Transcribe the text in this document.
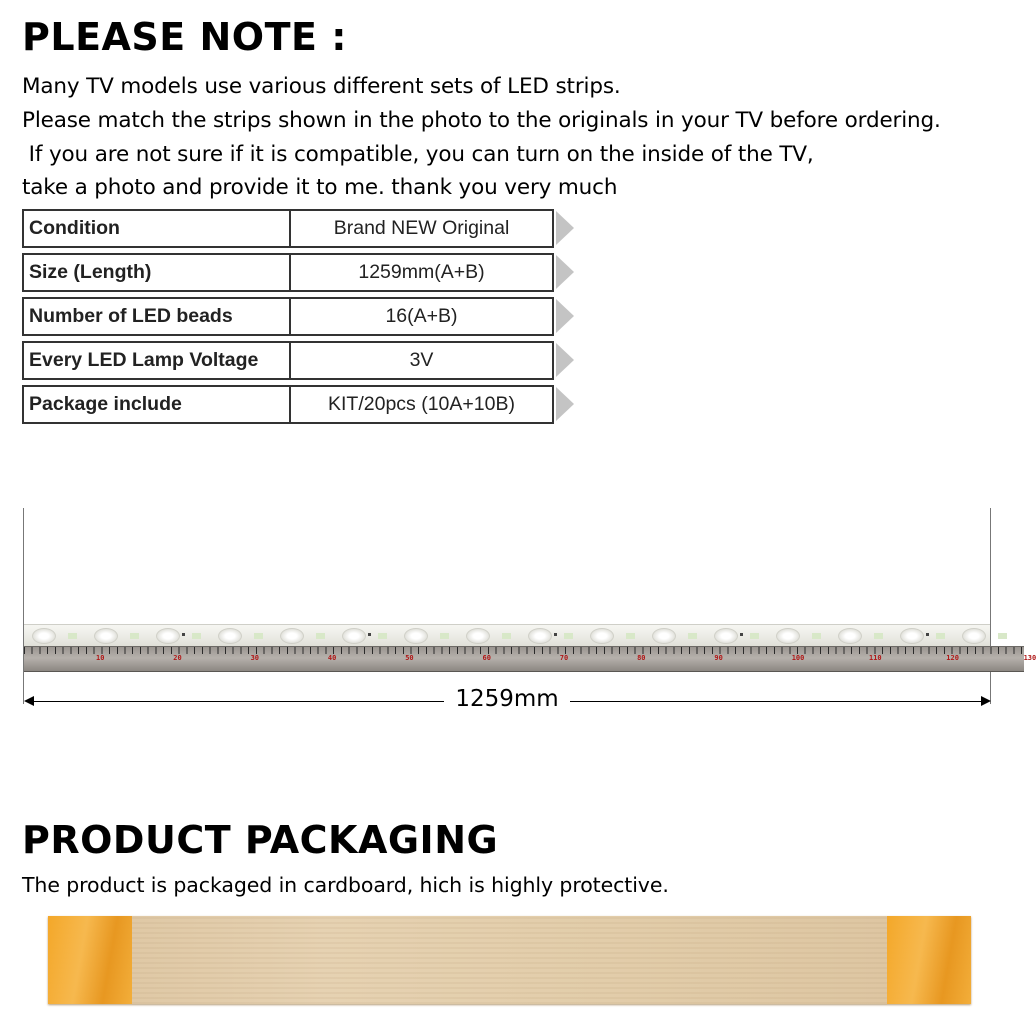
PLEASE NOTE :
Many TV models use various different sets of LED strips.
Please match the strips shown in the photo to the originals in your TV before ordering.
If you are not sure if it is compatible, you can turn on the inside of the TV,
take a photo and provide it to me. thank you very much
Condition	Brand NEW Original
Size (Length)	1259mm(A+B)
Number of LED beads	16(A+B)
Every LED Lamp Voltage	3V
Package include	KIT/20pcs (10A+10B)
10	20	30	40	50	60	70	80	90	100	110	120	130
1259mm
PRODUCT PACKAGING
The product is packaged in cardboard, hich is highly protective.
